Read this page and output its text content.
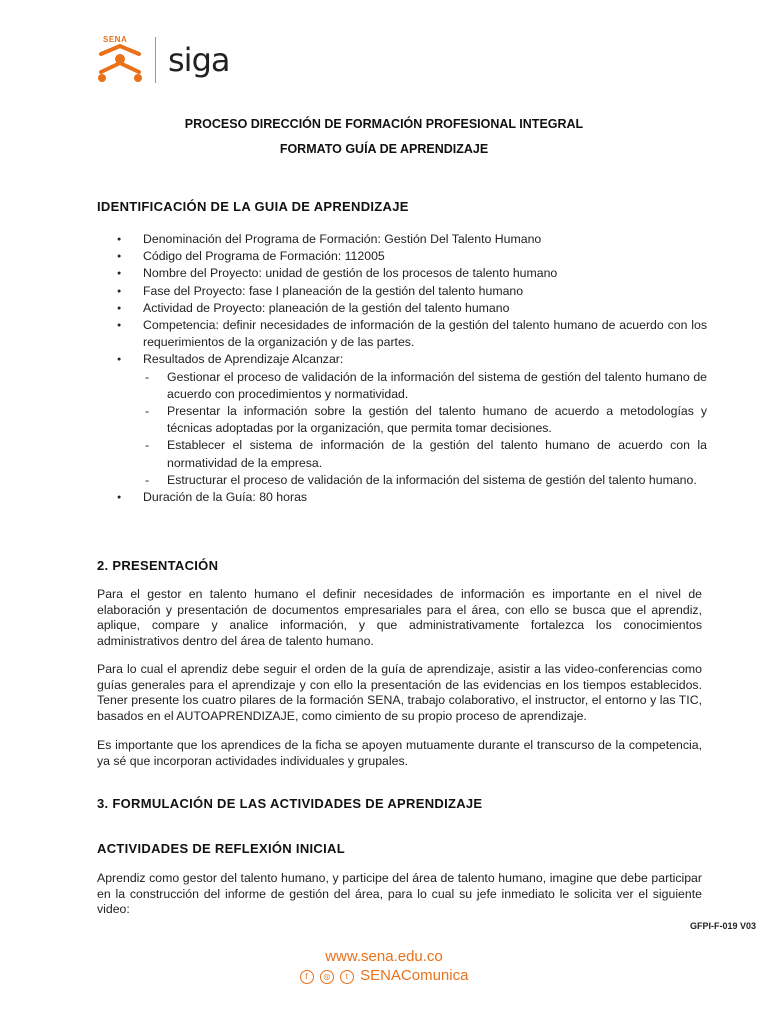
SENA
siga
PROCESO DIRECCIÓN DE FORMACIÓN PROFESIONAL INTEGRAL
FORMATO GUÍA DE APRENDIZAJE
IDENTIFICACIÓN DE LA GUIA DE APRENDIZAJE
● Denominación del Programa de Formación: Gestión Del Talento Humano
● Código del Programa de Formación: 112005
● Nombre del Proyecto: unidad de gestión de los procesos de talento humano
● Fase del Proyecto: fase I planeación de la gestión del talento humano
● Actividad de Proyecto: planeación de la gestión del talento humano
● Competencia: definir necesidades de información de la gestión del talento humano de acuerdo con los requerimientos de la organización y de las partes.
● Resultados de Aprendizaje Alcanzar:
- Gestionar el proceso de validación de la información del sistema de gestión del talento humano de acuerdo con procedimientos y normatividad.
- Presentar la información sobre la gestión del talento humano de acuerdo a metodologías y técnicas adoptadas por la organización, que permita tomar decisiones.
- Establecer el sistema de información de la gestión del talento humano de acuerdo con la normatividad de la empresa.
- Estructurar el proceso de validación de la información del sistema de gestión del talento humano.
● Duración de la Guía: 80 horas
2. PRESENTACIÓN

Para el gestor en talento humano el definir necesidades de información es importante en el nivel de elaboración y presentación de documentos empresariales para el área, con ello se busca que el aprendiz, aplique, compare y analice información, y que administrativamente fortalezca los conocimientos administrativos dentro del área de talento humano.

Para lo cual el aprendiz debe seguir el orden de la guía de aprendizaje, asistir a las video-conferencias como guías generales para el aprendizaje y con ello la presentación de las evidencias en los tiempos establecidos. Tener presente los cuatro pilares de la formación SENA, trabajo colaborativo, el instructor, el entorno y las TIC, basados en el AUTOAPRENDIZAJE, como cimiento de su propio proceso de aprendizaje.

Es importante que los aprendices de la ficha se apoyen mutuamente durante el transcurso de la competencia, ya sé que incorporan actividades individuales y grupales.

3. FORMULACIÓN DE LAS ACTIVIDADES DE APRENDIZAJE
ACTIVIDADES DE REFLEXIÓN INICIAL

Aprendiz como gestor del talento humano, y participe del área de talento humano, imagine que debe participar en la construcción del informe de gestión del área, para lo cual su jefe inmediato le solicita ver el siguiente video:

GFPI-F-019 V03
www.sena.edu.co
f ◎ t SENAComunica
